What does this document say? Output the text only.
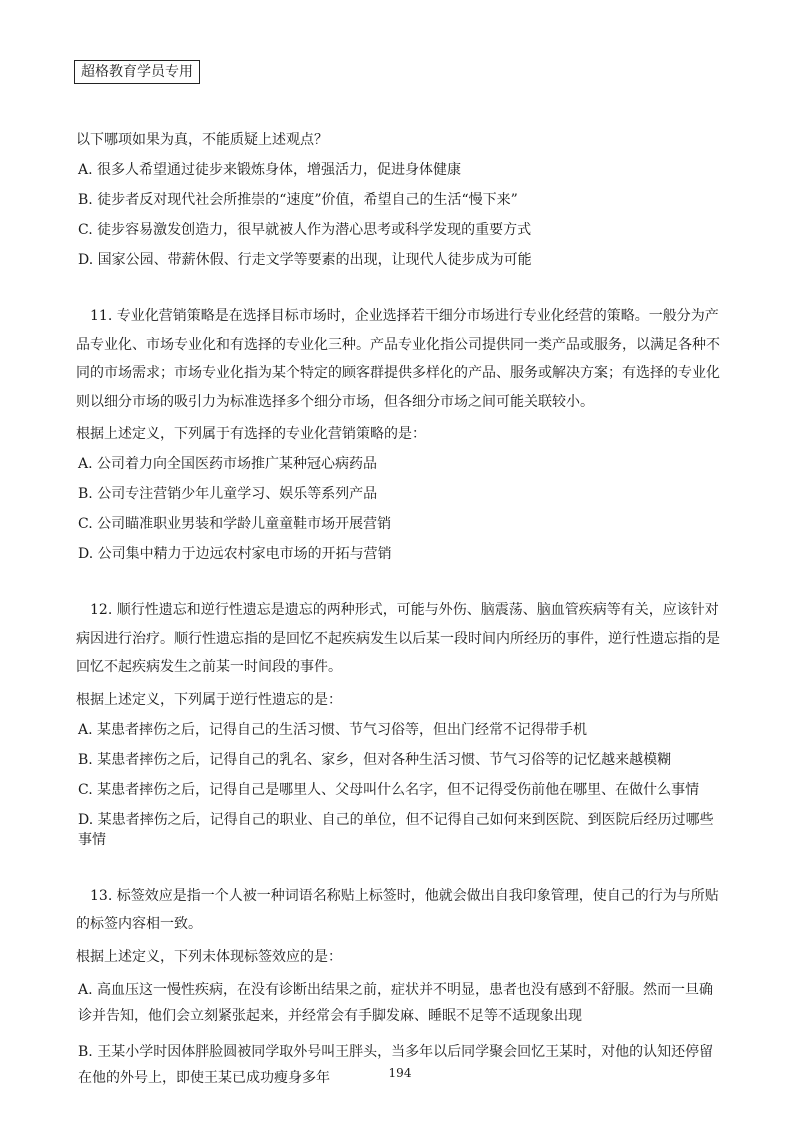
超格教育学员专用

以下哪项如果为真，不能质疑上述观点？

A. 很多人希望通过徒步来锻炼身体，增强活力，促进身体健康

B. 徒步者反对现代社会所推崇的“速度”价值，希望自己的生活“慢下来”

C. 徒步容易激发创造力，很早就被人作为潜心思考或科学发现的重要方式

D. 国家公园、带薪休假、行走文学等要素的出现，让现代人徒步成为可能

11. 专业化营销策略是在选择目标市场时，企业选择若干细分市场进行专业化经营的策略。一般分为产品专业化、市场专业化和有选择的专业化三种。产品专业化指公司提供同一类产品或服务，以满足各种不同的市场需求；市场专业化指为某个特定的顾客群提供多样化的产品、服务或解决方案；有选择的专业化则以细分市场的吸引力为标准选择多个细分市场，但各细分市场之间可能关联较小。

根据上述定义，下列属于有选择的专业化营销策略的是：

A. 公司着力向全国医药市场推广某种冠心病药品

B. 公司专注营销少年儿童学习、娱乐等系列产品

C. 公司瞄准职业男装和学龄儿童童鞋市场开展营销

D. 公司集中精力于边远农村家电市场的开拓与营销

12. 顺行性遗忘和逆行性遗忘是遗忘的两种形式，可能与外伤、脑震荡、脑血管疾病等有关，应该针对病因进行治疗。顺行性遗忘指的是回忆不起疾病发生以后某一段时间内所经历的事件，逆行性遗忘指的是回忆不起疾病发生之前某一时间段的事件。

根据上述定义，下列属于逆行性遗忘的是：

A. 某患者摔伤之后，记得自己的生活习惯、节气习俗等，但出门经常不记得带手机

B. 某患者摔伤之后，记得自己的乳名、家乡，但对各种生活习惯、节气习俗等的记忆越来越模糊

C. 某患者摔伤之后，记得自己是哪里人、父母叫什么名字，但不记得受伤前他在哪里、在做什么事情

D. 某患者摔伤之后，记得自己的职业、自己的单位，但不记得自己如何来到医院、到医院后经历过哪些事情

13. 标签效应是指一个人被一种词语名称贴上标签时，他就会做出自我印象管理，使自己的行为与所贴的标签内容相一致。

根据上述定义，下列未体现标签效应的是：

A. 高血压这一慢性疾病，在没有诊断出结果之前，症状并不明显，患者也没有感到不舒服。然而一旦确诊并告知，他们会立刻紧张起来，并经常会有手脚发麻、睡眠不足等不适现象出现

B. 王某小学时因体胖脸圆被同学取外号叫王胖头，当多年以后同学聚会回忆王某时，对他的认知还停留在他的外号上，即使王某已成功瘦身多年	194
